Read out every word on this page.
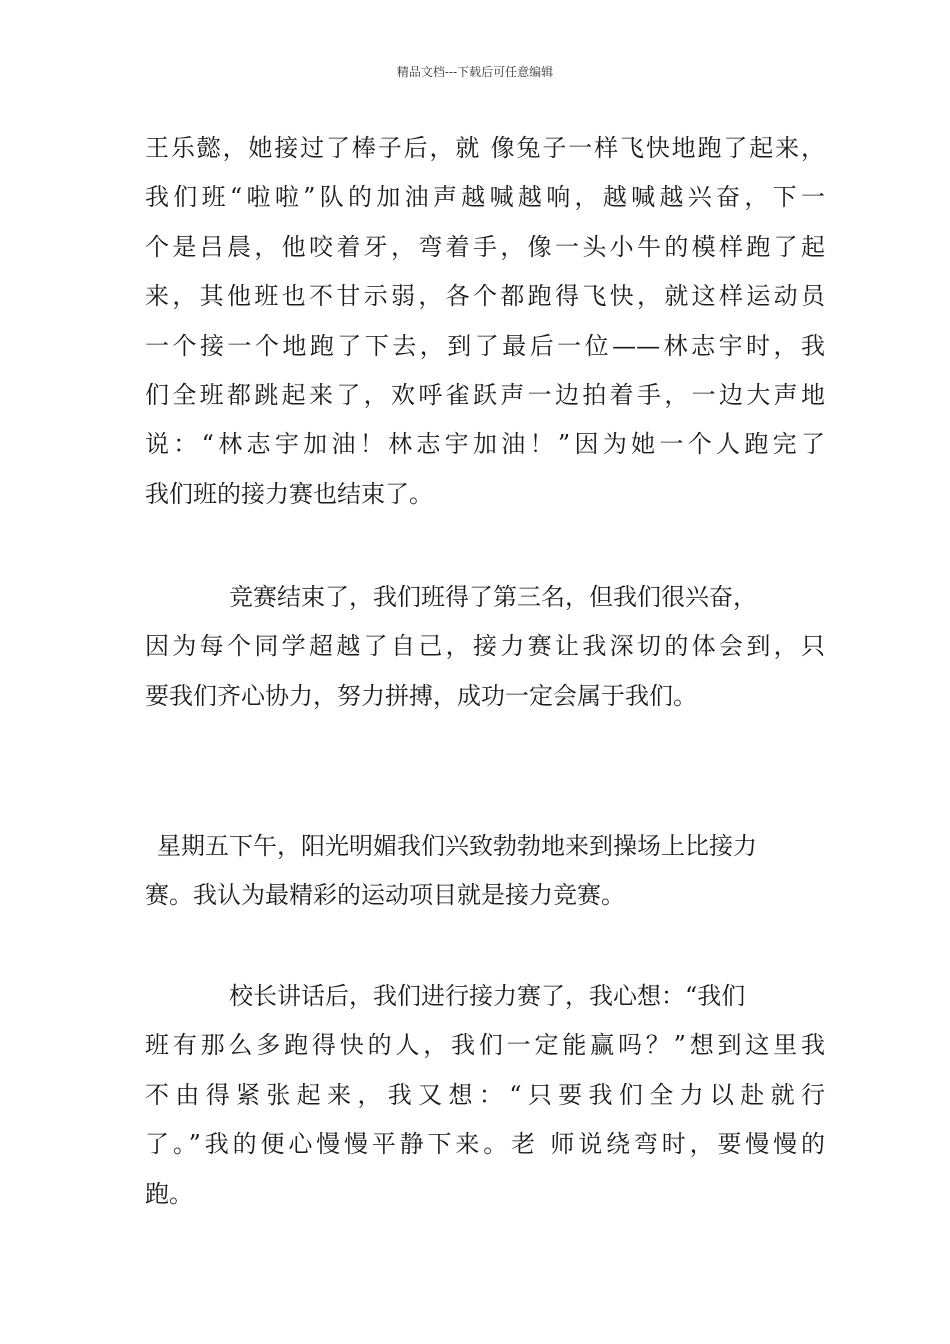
精品文档---下载后可任意编辑
王乐懿，她接过了棒子后，就 像兔子一样飞快地跑了起来，
我们班“啦啦”队的加油声越喊越响，越喊越兴奋，下一
个是吕晨，他咬着牙，弯着手，像一头小牛的模样跑了起
来，其他班也不甘示弱，各个都跑得飞快，就这样运动员
一个接一个地跑了下去，到了最后一位——林志宇时，我
们全班都跳起来了，欢呼雀跃声一边拍着手，一边大声地
说：“林志宇加油！林志宇加油！”因为她一个人跑完了
我们班的接力赛也结束了。
竞赛结束了，我们班得了第三名，但我们很兴奋，
因为每个同学超越了自己，接力赛让我深切的体会到，只
要我们齐心协力，努力拼搏，成功一定会属于我们。
星期五下午，阳光明媚我们兴致勃勃地来到操场上比接力
赛。我认为最精彩的运动项目就是接力竞赛。
校长讲话后，我们进行接力赛了，我心想：“我们
班有那么多跑得快的人，我们一定能赢吗？”想到这里我
不由得紧张起来，我又想：“只要我们全力以赴就行
了。”我的便心慢慢平静下来。老 师说绕弯时，要慢慢的
跑。
